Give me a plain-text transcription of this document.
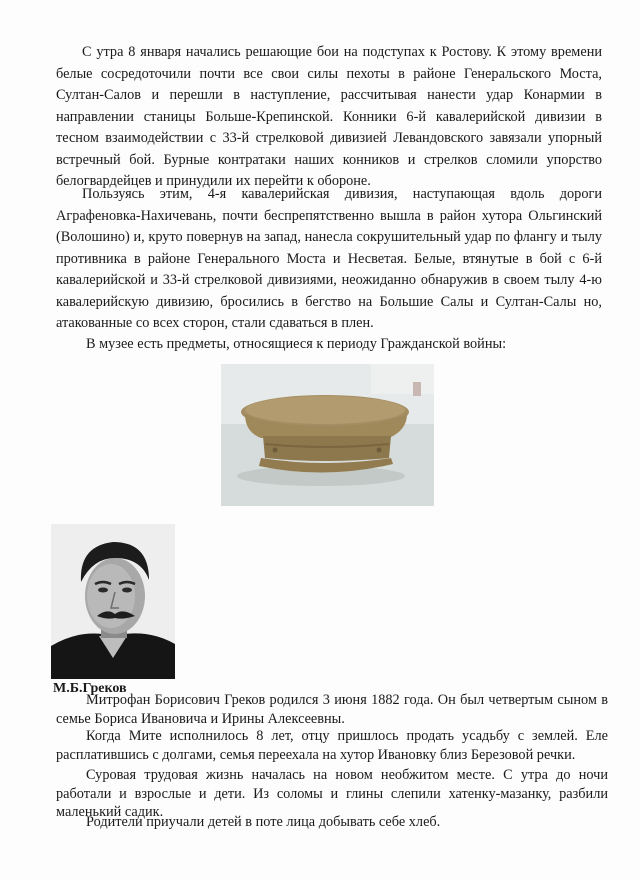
С утра 8 января начались решающие бои на подступах к Ростову. К этому времени белые сосредоточили почти все свои силы пехоты в районе Генеральского Моста, Султан-Салов и перешли в наступление, рассчитывая нанести удар Конармии в направлении станицы Больше-Крепинской. Конники 6-й кавалерийской дивизии в тесном взаимодействии с 33-й стрелковой дивизией Левандовского завязали упорный встречный бой. Бурные контратаки наших конников и стрелков сломили упорство белогвардейцев и принудили их перейти к обороне.

Пользуясь этим, 4-я кавалерийская дивизия, наступающая вдоль дороги Аграфеновка-Нахичевань, почти беспрепятственно вышла в район хутора Ольгинский (Волошино) и, круто повернув на запад, нанесла сокрушительный удар по флангу и тылу противника в районе Генерального Моста и Несветая. Белые, втянутые в бой с 6-й кавалерийской и 33-й стрелковой дивизиями, неожиданно обнаружив в своем тылу 4-ю кавалерийскую дивизию, бросились в бегство на Большие Салы и Султан-Салы но, атакованные со всех сторон, стали сдаваться в плен.

В музее есть предметы, относящиеся к периоду Гражданской войны:

М.Б.Греков

Митрофан Борисович Греков родился 3 июня 1882 года. Он был четвертым сыном в семье Бориса Ивановича и Ирины Алексеевны.

Когда Мите исполнилось 8 лет, отцу пришлось продать усадьбу с землей. Еле расплатившись с долгами, семья переехала на хутор Ивановку близ Березовой речки.

Суровая трудовая жизнь началась на новом необжитом месте. С утра до ночи работали и взрослые и дети. Из соломы и глины слепили хатенку-мазанку, разбили маленький садик.

Родители приучали детей в поте лица добывать себе хлеб.
